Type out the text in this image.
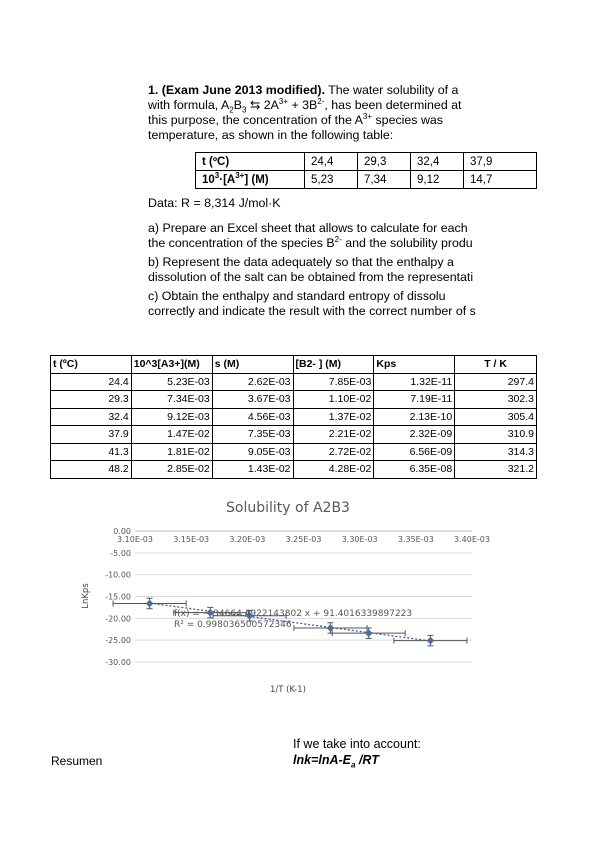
1. (Exam June 2013 modified). The water solubility of a
with formula, $A_2B_3$ ⇆ $2A^{3+} + 3B^{2-}$, has been determined at
this purpose, the concentration of the $A^{3+}$ species was
temperature, as shown in the following table:
t (ºC)	24,4	29,3	32,4	37,9
$10^3\cdot[A^{3+}]$ (M)	5,23	7,34	9,12	14,7
Data: R = 8,314 J/mol·K
a) Prepare an Excel sheet that allows to calculate for each
the concentration of the species $B^{2-}$ and the solubility produ
b) Represent the data adequately so that the enthalpy a
dissolution of the salt can be obtained from the representati
c) Obtain the enthalpy and standard entropy of dissolu
correctly and indicate the result with the correct number of s
t (ºC)	10^3[A3+](M)	s (M)	[B2- ] (M)	Kps	T / K
24.4	5.23E-03	2.62E-03	7.85E-03	1.32E-11	297.4
29.3	7.34E-03	3.67E-03	1.10E-02	7.19E-11	302.3
32.4	9.12E-03	4.56E-03	1.37E-02	2.13E-10	305.4
37.9	1.47E-02	7.35E-03	2.21E-02	2.32E-09	310.9
41.3	1.81E-02	9.05E-03	2.72E-02	6.56E-09	314.3
48.2	2.85E-02	1.43E-02	4.28E-02	6.35E-08	321.2
Solubility of A2B3
1/T (K-1)
LnKps
0.00
-5.00
-10.00
-15.00
-20.00
-25.00
-30.00
3.10E-03	3.15E-03	3.20E-03	3.25E-03	3.30E-03	3.35E-03	3.40E-03
f(x) = − 34664.4922143802 x + 91.4016339897223
R² = 0.998036500572346
If we take into account:
$\ln k=\ln A-E_a$ /RT
Resumen
